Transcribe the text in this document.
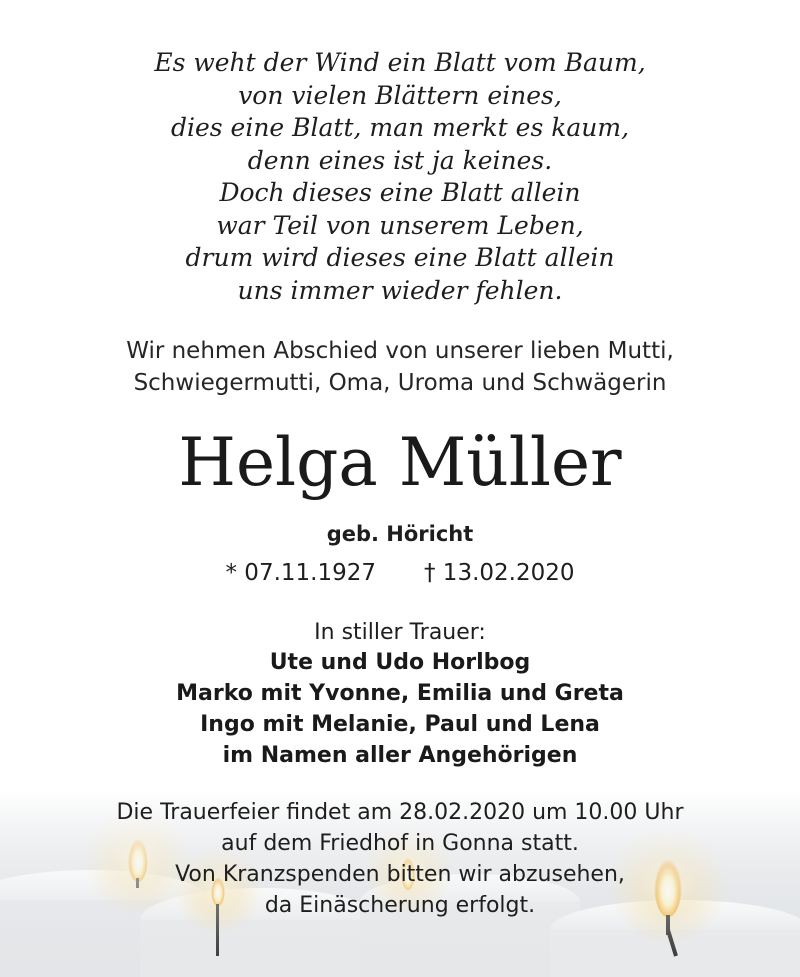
Es weht der Wind ein Blatt vom Baum,
von vielen Blättern eines,
dies eine Blatt, man merkt es kaum,
denn eines ist ja keines.
Doch dieses eine Blatt allein
war Teil von unserem Leben,
drum wird dieses eine Blatt allein
uns immer wieder fehlen.
Wir nehmen Abschied von unserer lieben Mutti,
Schwiegermutti, Oma, Uroma und Schwägerin
Helga Müller
geb. Höricht
* 07.11.1927 † 13.02.2020
In stiller Trauer:
Ute und Udo Horlbog
Marko mit Yvonne, Emilia und Greta
Ingo mit Melanie, Paul und Lena
im Namen aller Angehörigen
Die Trauerfeier findet am 28.02.2020 um 10.00 Uhr
auf dem Friedhof in Gonna statt.
Von Kranzspenden bitten wir abzusehen,
da Einäscherung erfolgt.
